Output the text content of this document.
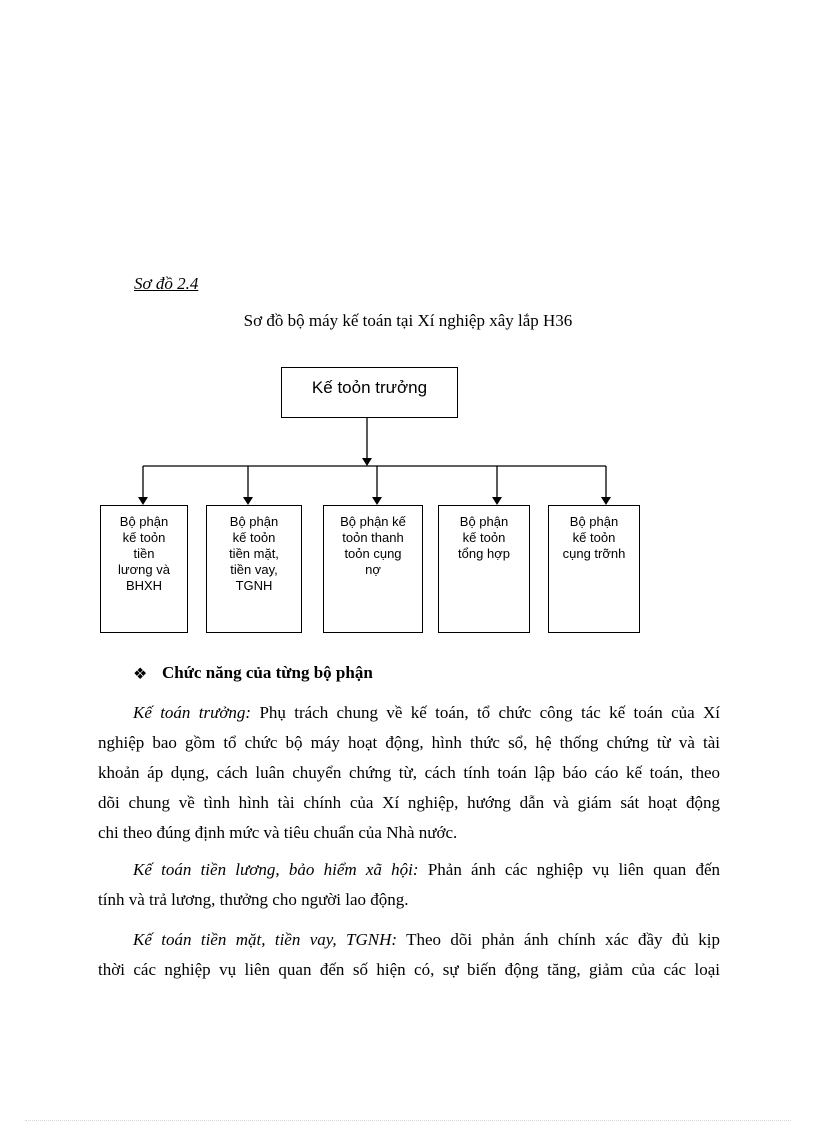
Sơ đồ 2.4
Sơ đồ bộ máy kế toán tại Xí nghiệp xây lắp H36
Kế toỏn trưởng
Bộ phận
kế toỏn
tiền
lương và
BHXH
Bộ phận
kế toỏn
tiền mặt,
tiền vay,
TGNH
Bộ phận kế
toỏn thanh
toỏn cụng
nợ
Bộ phận
kế toỏn
tổng hợp
Bộ phận
kế toỏn
cụng trỡnh
❖ Chức năng của từng bộ phận
Kế toán trưởng: Phụ trách chung về kế toán, tổ chức công tác kế toán của Xí
nghiệp bao gồm tổ chức bộ máy hoạt động, hình thức sổ, hệ thống chứng từ và tài
khoản áp dụng, cách luân chuyển chứng từ, cách tính toán lập báo cáo kế toán, theo
dõi chung về tình hình tài chính của Xí nghiệp, hướng dẫn và giám sát hoạt động
chi theo đúng định mức và tiêu chuẩn của Nhà nước.
Kế toán tiền lương, bảo hiểm xã hội: Phản ánh các nghiệp vụ liên quan đến
tính và trả lương, thưởng cho người lao động.
Kế toán tiền mặt, tiền vay, TGNH: Theo dõi phản ánh chính xác đầy đủ kịp
thời các nghiệp vụ liên quan đến số hiện có, sự biến động tăng, giảm của các loại
